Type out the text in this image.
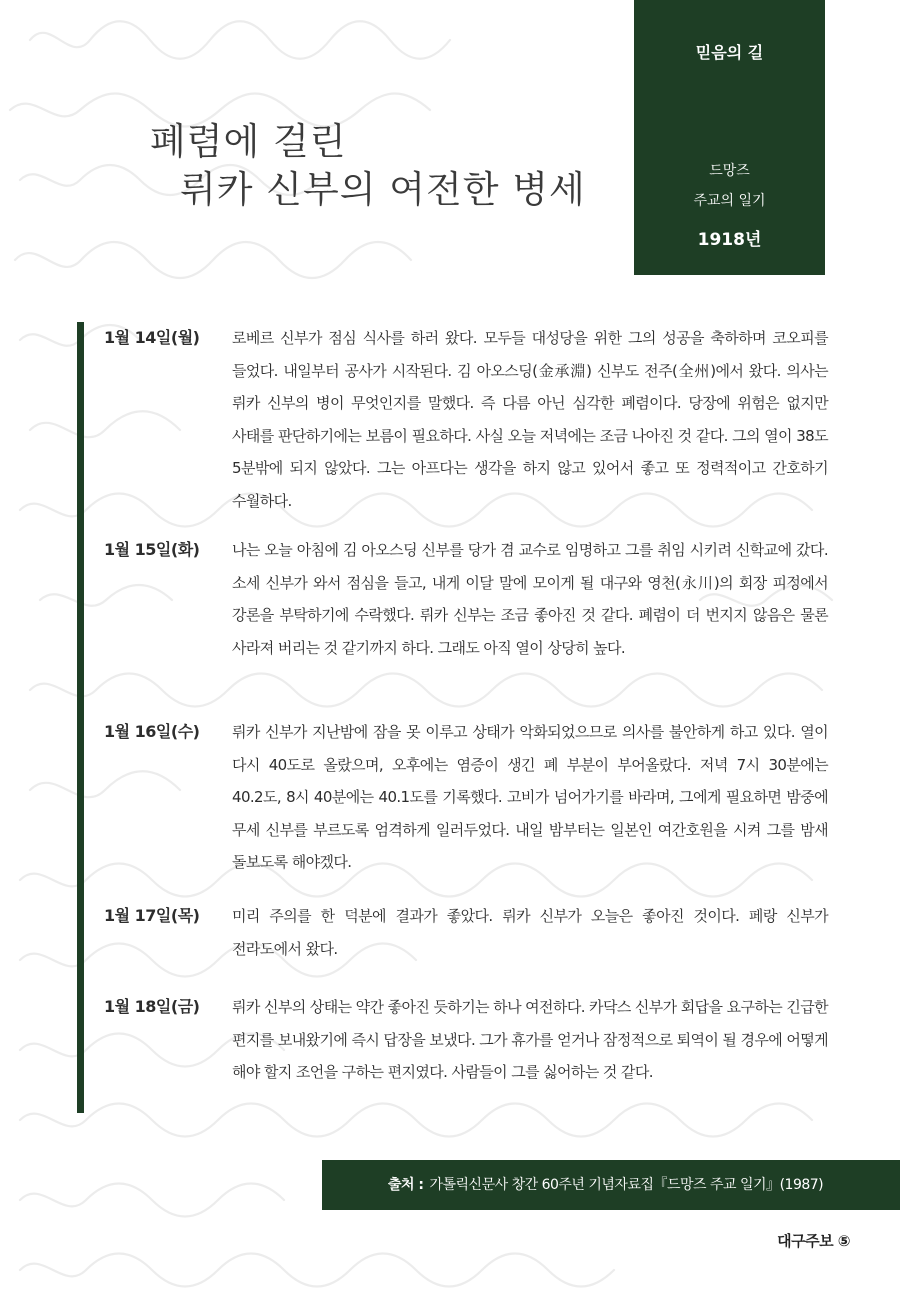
폐렴에 걸린
뤼카 신부의 여전한 병세
믿음의 길
드망즈
주교의 일기
1918년
1월 14일(월)	로베르 신부가 점심 식사를 하러 왔다. 모두들 대성당을 위한 그의 성공을 축하하며 코오피를 들었다. 내일부터 공사가 시작된다. 김 아오스딩(金承淵) 신부도 전주(全州)에서 왔다. 의사는 뤼카 신부의 병이 무엇인지를 말했다. 즉 다름 아닌 심각한 폐렴이다. 당장에 위험은 없지만 사태를 판단하기에는 보름이 필요하다. 사실 오늘 저녁에는 조금 나아진 것 같다. 그의 열이 38도 5분밖에 되지 않았다. 그는 아프다는 생각을 하지 않고 있어서 좋고 또 정력적이고 간호하기 수월하다.
1월 15일(화)	나는 오늘 아침에 김 아오스딩 신부를 당가 겸 교수로 임명하고 그를 취임 시키려 신학교에 갔다. 소세 신부가 와서 점심을 들고, 내게 이달 말에 모이게 될 대구와 영천(永川)의 회장 피정에서 강론을 부탁하기에 수락했다. 뤼카 신부는 조금 좋아진 것 같다. 폐렴이 더 번지지 않음은 물론 사라져 버리는 것 같기까지 하다. 그래도 아직 열이 상당히 높다.
1월 16일(수)	뤼카 신부가 지난밤에 잠을 못 이루고 상태가 악화되었으므로 의사를 불안하게 하고 있다. 열이 다시 40도로 올랐으며, 오후에는 염증이 생긴 폐 부분이 부어올랐다. 저녁 7시 30분에는 40.2도, 8시 40분에는 40.1도를 기록했다. 고비가 넘어가기를 바라며, 그에게 필요하면 밤중에 무세 신부를 부르도록 엄격하게 일러두었다. 내일 밤부터는 일본인 여간호원을 시켜 그를 밤새 돌보도록 해야겠다.
1월 17일(목)	미리 주의를 한 덕분에 결과가 좋았다. 뤼카 신부가 오늘은 좋아진 것이다. 페랑 신부가 전라도에서 왔다.
1월 18일(금)	뤼카 신부의 상태는 약간 좋아진 듯하기는 하나 여전하다. 카닥스 신부가 회답을 요구하는 긴급한 편지를 보내왔기에 즉시 답장을 보냈다. 그가 휴가를 얻거나 잠정적으로 퇴역이 될 경우에 어떻게 해야 할지 조언을 구하는 편지였다. 사람들이 그를 싫어하는 것 같다.
출처 : 가톨릭신문사 창간 60주년 기념자료집『드망즈 주교 일기』(1987)
대구주보 ⑤
